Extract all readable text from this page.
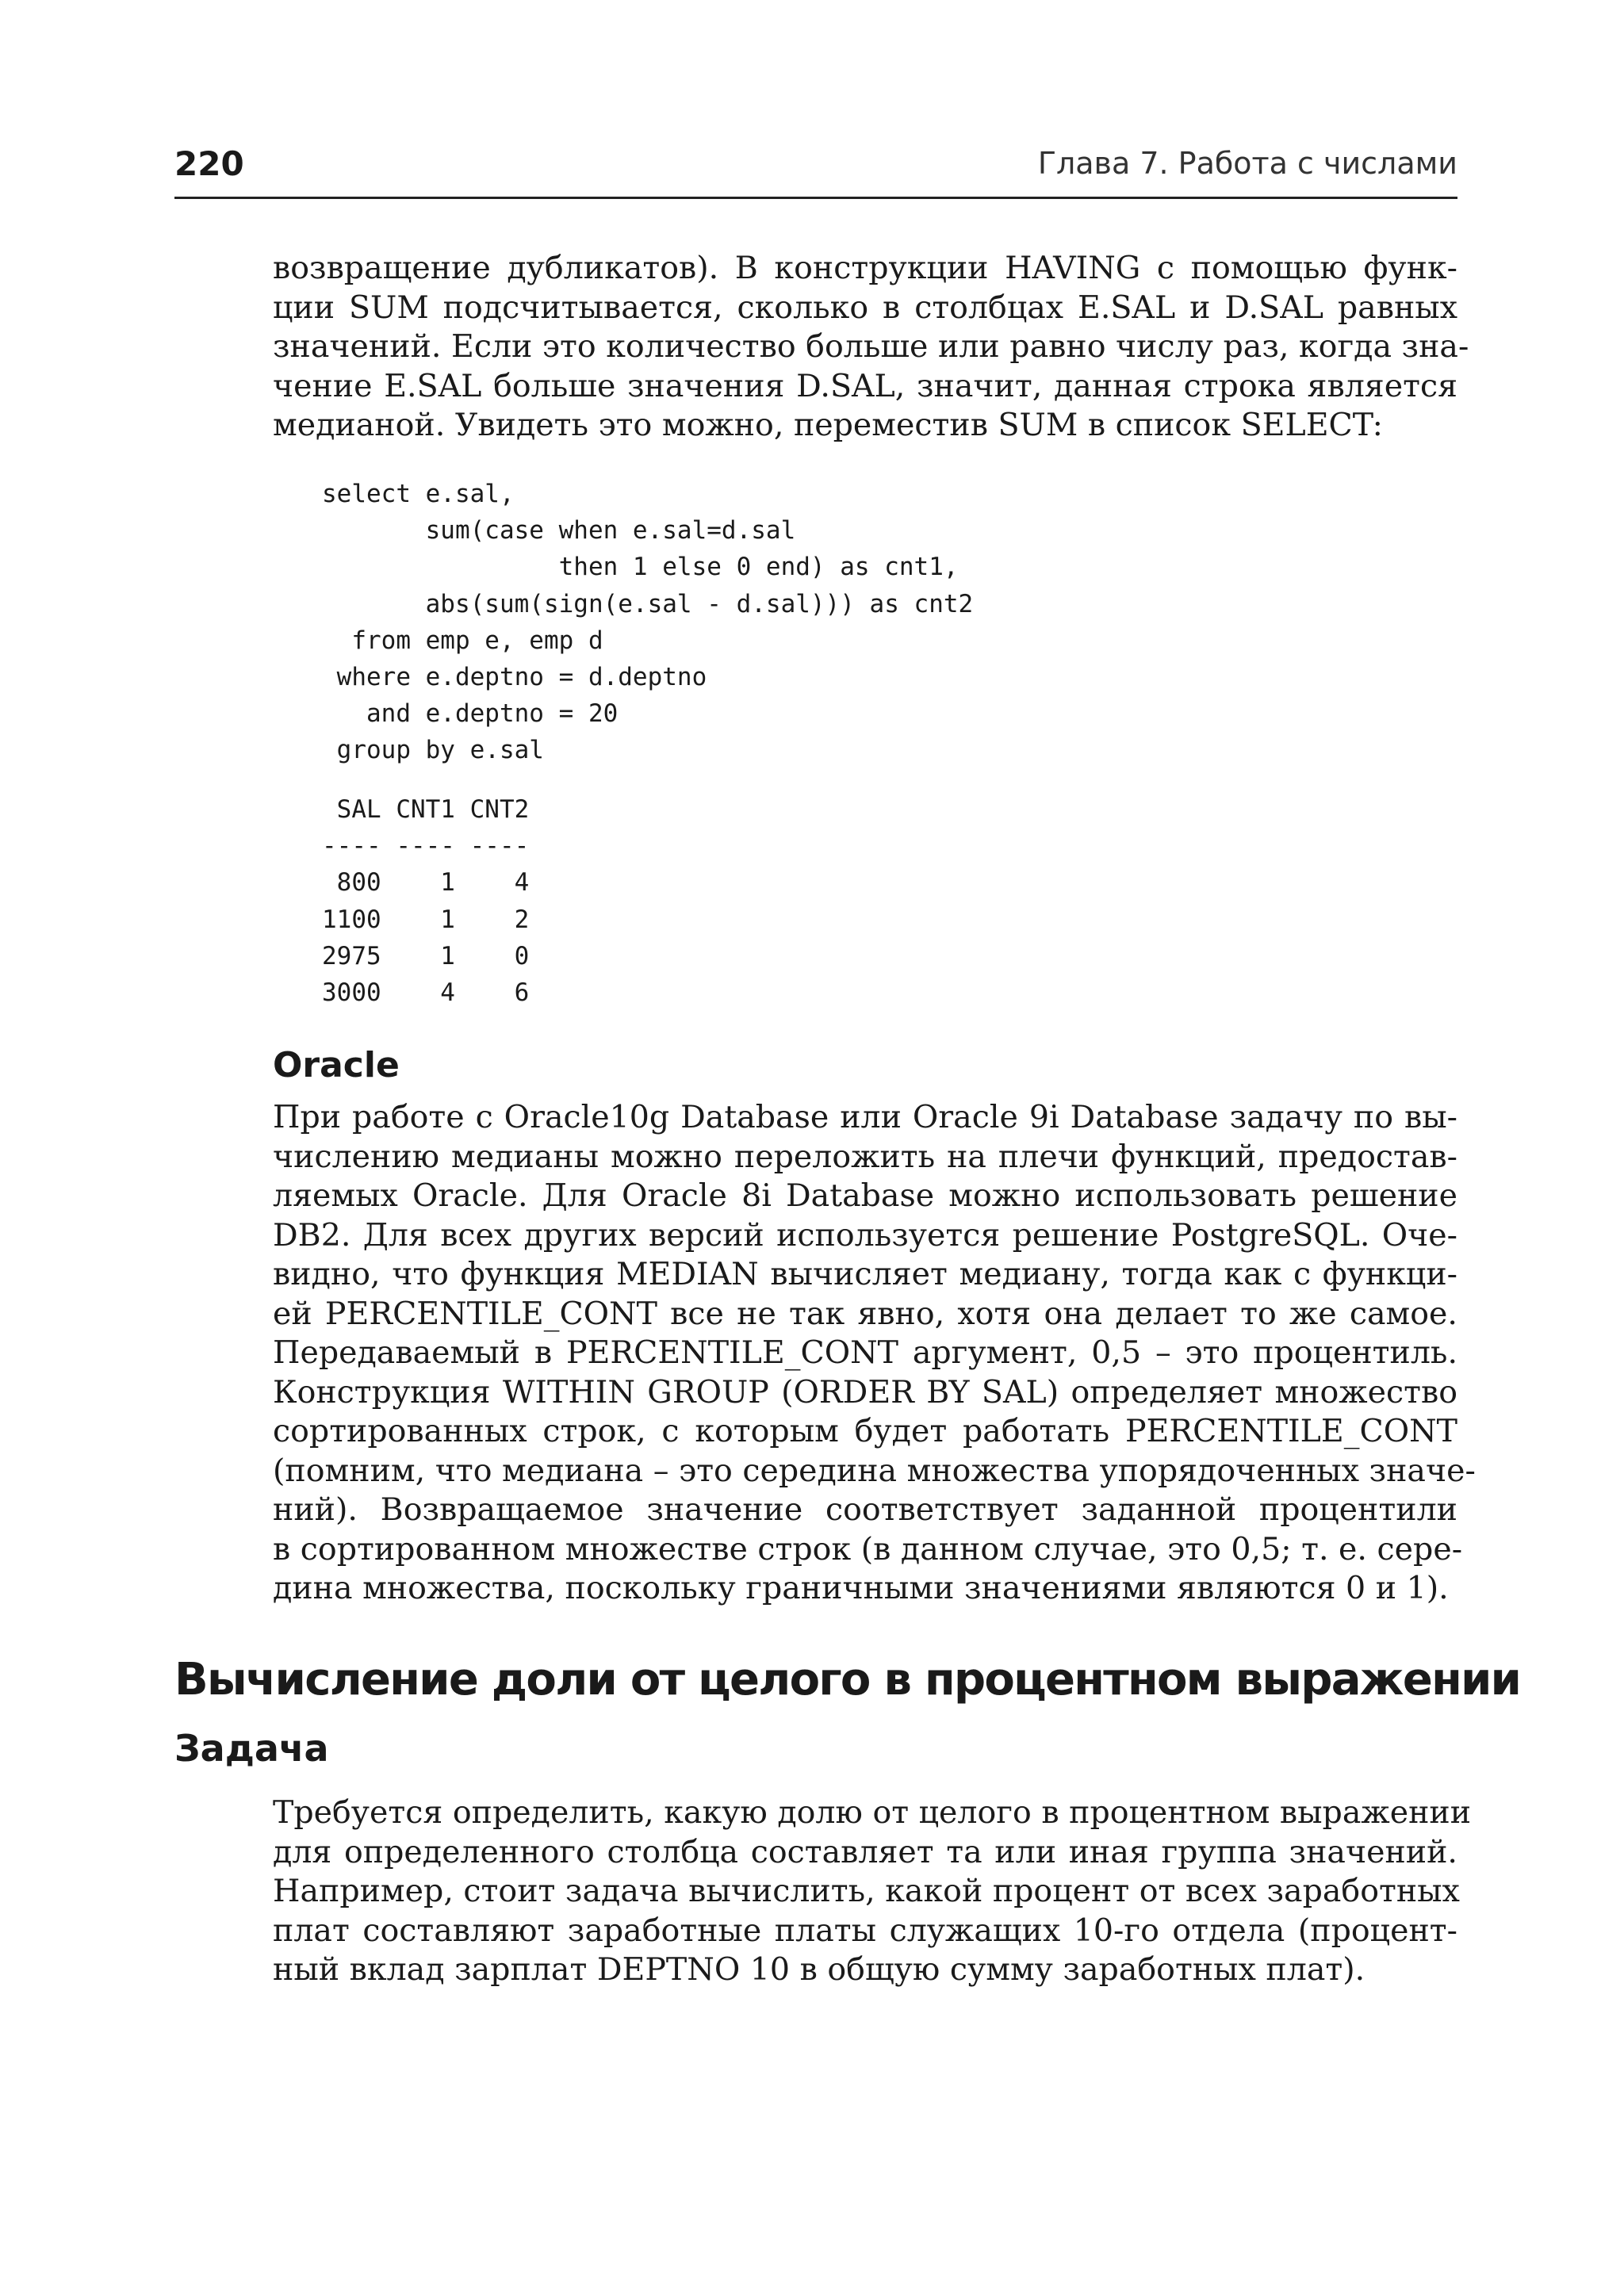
220	Глава 7. Работа с числами
возвращение дубликатов). В конструкции HAVING с помощью функ-
ции SUM подсчитывается, сколько в столбцах E.SAL и D.SAL равных
значений. Если это количество больше или равно числу раз, когда зна-
чение E.SAL больше значения D.SAL, значит, данная строка является
медианой. Увидеть это можно, переместив SUM в список SELECT:
select e.sal,
sum(case when e.sal=d.sal
then 1 else 0 end) as cnt1,
abs(sum(sign(e.sal - d.sal))) as cnt2
from emp e, emp d
where e.deptno = d.deptno
and e.deptno = 20
group by e.sal
SAL CNT1 CNT2
---- ---- ----
800    1    4
1100    1    2
2975    1    0
3000    4    6
Oracle
При работе с Oracle10g Database или Oracle 9i Database задачу по вы-
числению медианы можно переложить на плечи функций, предостав-
ляемых Oracle. Для Oracle 8i Database можно использовать решение
DB2. Для всех других версий используется решение PostgreSQL. Оче-
видно, что функция MEDIAN вычисляет медиану, тогда как с функци-
ей PERCENTILE_CONT все не так явно, хотя она делает то же самое.
Передаваемый в PERCENTILE_CONT аргумент, 0,5 – это процентиль.
Конструкция WITHIN GROUP (ORDER BY SAL) определяет множество
сортированных строк, с которым будет работать PERCENTILE_CONT
(помним, что медиана – это середина множества упорядоченных значе-
ний). Возвращаемое значение соответствует заданной процентили
в сортированном множестве строк (в данном случае, это 0,5; т. е. сере-
дина множества, поскольку граничными значениями являются 0 и 1).
Вычисление доли от целого в процентном выражении
Задача
Требуется определить, какую долю от целого в процентном выражении
для определенного столбца составляет та или иная группа значений.
Например, стоит задача вычислить, какой процент от всех заработных
плат составляют заработные платы служащих 10-го отдела (процент-
ный вклад зарплат DEPTNO 10 в общую сумму заработных плат).
